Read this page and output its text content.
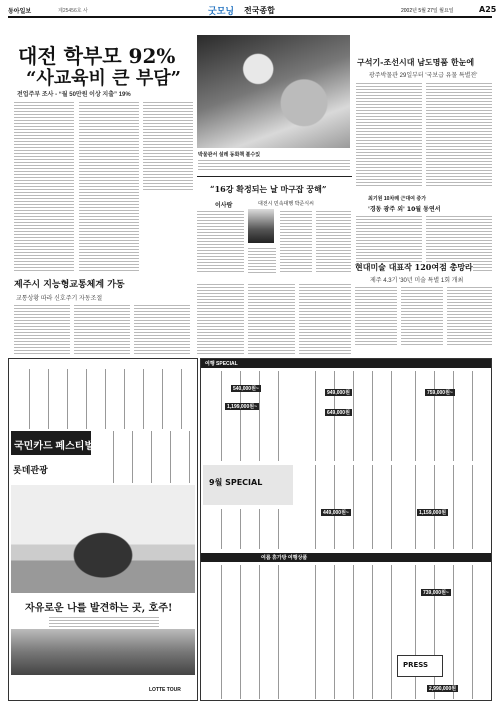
동아일보	제25456호 사	굿모닝 전국종합	2002년 5월 27일 월요일	A25
대전 학부모 92%
“사교육비 큰 부담”
전업주부 조사 - “월 50만원 이상 지출” 19%
박물관서 설레 동화책 볼수있
구석기-조선시대 남도명품 한눈에
광주박물관 29일부터 '국보급 유물 특별전'
“16강 확정되는 날 마구잡 꿍해”
이사람	대전시 민속대행 박준식씨
최기원 10차례 근대여 증가
'경동 광주 외' 10월 동연서
현대미술 대표작 120여점 총망라
제주 4.3기 '30년 미술 특별 1회 개최
제주시 지능형교통체계 가동
교통상황 따라 신호주기 자동조절
국민카드 페스티벌
롯데관광
자유로운 나를 발견하는 곳, 호주!
LOTTE TOUR
여행 SPECIAL
540,000원~
1,199,000원~
949,000원
649,000원
759,000원~
9월 SPECIAL
449,000원~	1,159,000원
여름 휴가방 여행상품
739,000원~
PRESS
2,990,000원
